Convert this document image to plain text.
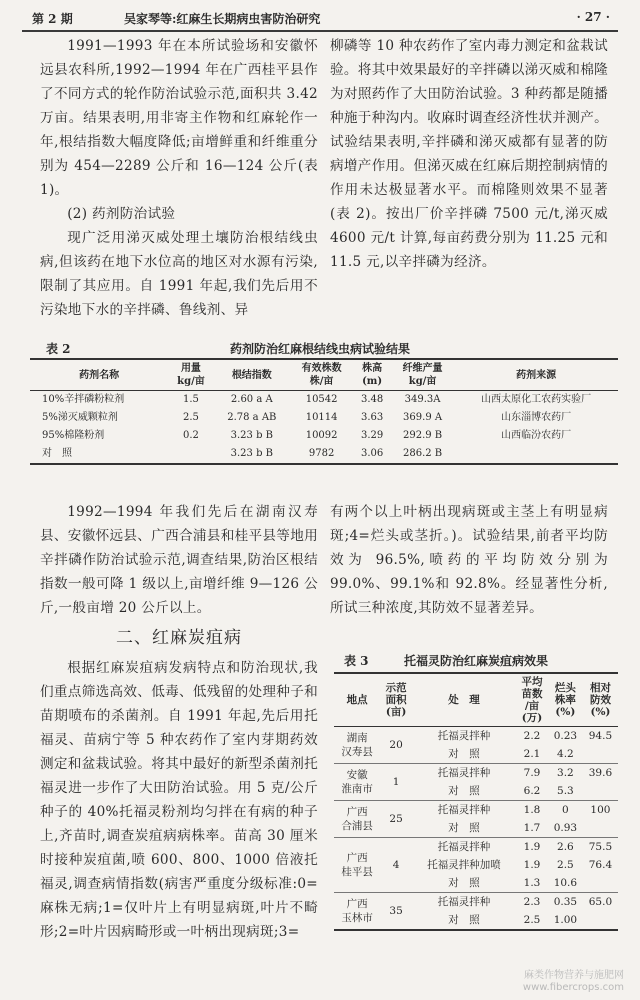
第 2 期	吴家琴等:红麻生长期病虫害防治研究	· 27 ·

1991—1993 年在本所试验场和安徽怀远县农科所,1992—1994 年在广西桂平县作了不同方式的轮作防治试验示范,面积共 3.42 万亩。结果表明,用非寄主作物和红麻轮作一年,根结指数大幅度降低;亩增鲜重和纤维重分别为 454—2289 公斤和 16—124 公斤(表 1)。

(2) 药剂防治试验

现广泛用涕灭威处理土壤防治根结线虫病,但该药在地下水位高的地区对水源有污染,限制了其应用。自 1991 年起,我们先后用不污染地下水的辛拌磷、鲁线剂、异

柳磷等 10 种农药作了室内毒力测定和盆栽试验。将其中效果最好的辛拌磷以涕灭威和棉隆为对照药作了大田防治试验。3 种药都是随播种施于种沟内。收麻时调查经济性状并测产。试验结果表明,辛拌磷和涕灭威都有显著的防病增产作用。但涕灭威在红麻后期控制病情的作用未达极显著水平。而棉隆则效果不显著(表 2)。按出厂价辛拌磷 7500 元/t,涕灭威 4600 元/t 计算,每亩药费分别为 11.25 元和 11.5 元,以辛拌磷为经济。

表 2	药剂防治红麻根结线虫病试验结果
药剂名称	用量
kg/亩	根结指数	有效株数
株/亩	株高
(m)	纤维产量
kg/亩	药剂来源
10%辛拌磷粉粒剂	1.5	2.60 a A	10542	3.48	349.3A	山西太原化工农药实验厂
5%涕灭威颗粒剂	2.5	2.78 a AB	10114	3.63	369.9 A	山东淄博农药厂
95%棉隆粉剂	0.2	3.23 b B	10092	3.29	292.9 B	山西临汾农药厂
对　照		3.23 b B	9782	3.06	286.2 B	

1992—1994 年我们先后在湖南汉寿县、安徽怀远县、广西合浦县和桂平县等地用辛拌磷作防治试验示范,调查结果,防治区根结指数一般可降 1 级以上,亩增纤维 9—126 公斤,一般亩增 20 公斤以上。

二、红麻炭疽病

根据红麻炭疽病发病特点和防治现状,我们重点筛选高效、低毒、低残留的处理种子和苗期喷布的杀菌剂。自 1991 年起,先后用托福灵、苗病宁等 5 种农药作了室内芽期药效测定和盆栽试验。将其中最好的新型杀菌剂托福灵进一步作了大田防治试验。用 5 克/公斤种子的 40%托福灵粉剂均匀拌在有病的种子上,齐苗时,调查炭疽病病株率。苗高 30 厘米时接种炭疽菌,喷 600、800、1000 倍液托福灵,调查病情指数(病害严重度分级标准:0=麻株无病;1=仅叶片上有明显病斑,叶片不畸形;2=叶片因病畸形或一叶柄出现病斑;3=

有两个以上叶柄出现病斑或主茎上有明显病斑;4=烂头或茎折。)。试验结果,前者平均防效为 96.5%,喷药的平均防效分别为 99.0%、99.1%和 92.8%。经显著性分析,所试三种浓度,其防效不显著差异。

表 3	托福灵防治红麻炭疽病效果
地点	示范
面积
(亩)	处　理	平均
苗数
/亩
(万)	烂头
株率
(%)	相对
防效
(%)
湖南
汉寿县	20	托福灵拌种	2.2	0.23	94.5
		对　照	2.1	4.2	
安徽
淮南市	1	托福灵拌种	7.9	3.2	39.6
		对　照	6.2	5.3	
广西
合浦县	25	托福灵拌种	1.8	0	100
		对　照	1.7	0.93	
广西
桂平县	4	托福灵拌种	1.9	2.6	75.5
		托福灵拌种加喷	1.9	2.5	76.4
		对　照	1.3	10.6	
广西
玉林市	35	托福灵拌种	2.3	0.35	65.0
		对　照	2.5	1.00	
麻类作物营养与施肥网
www.fibercrops.com
